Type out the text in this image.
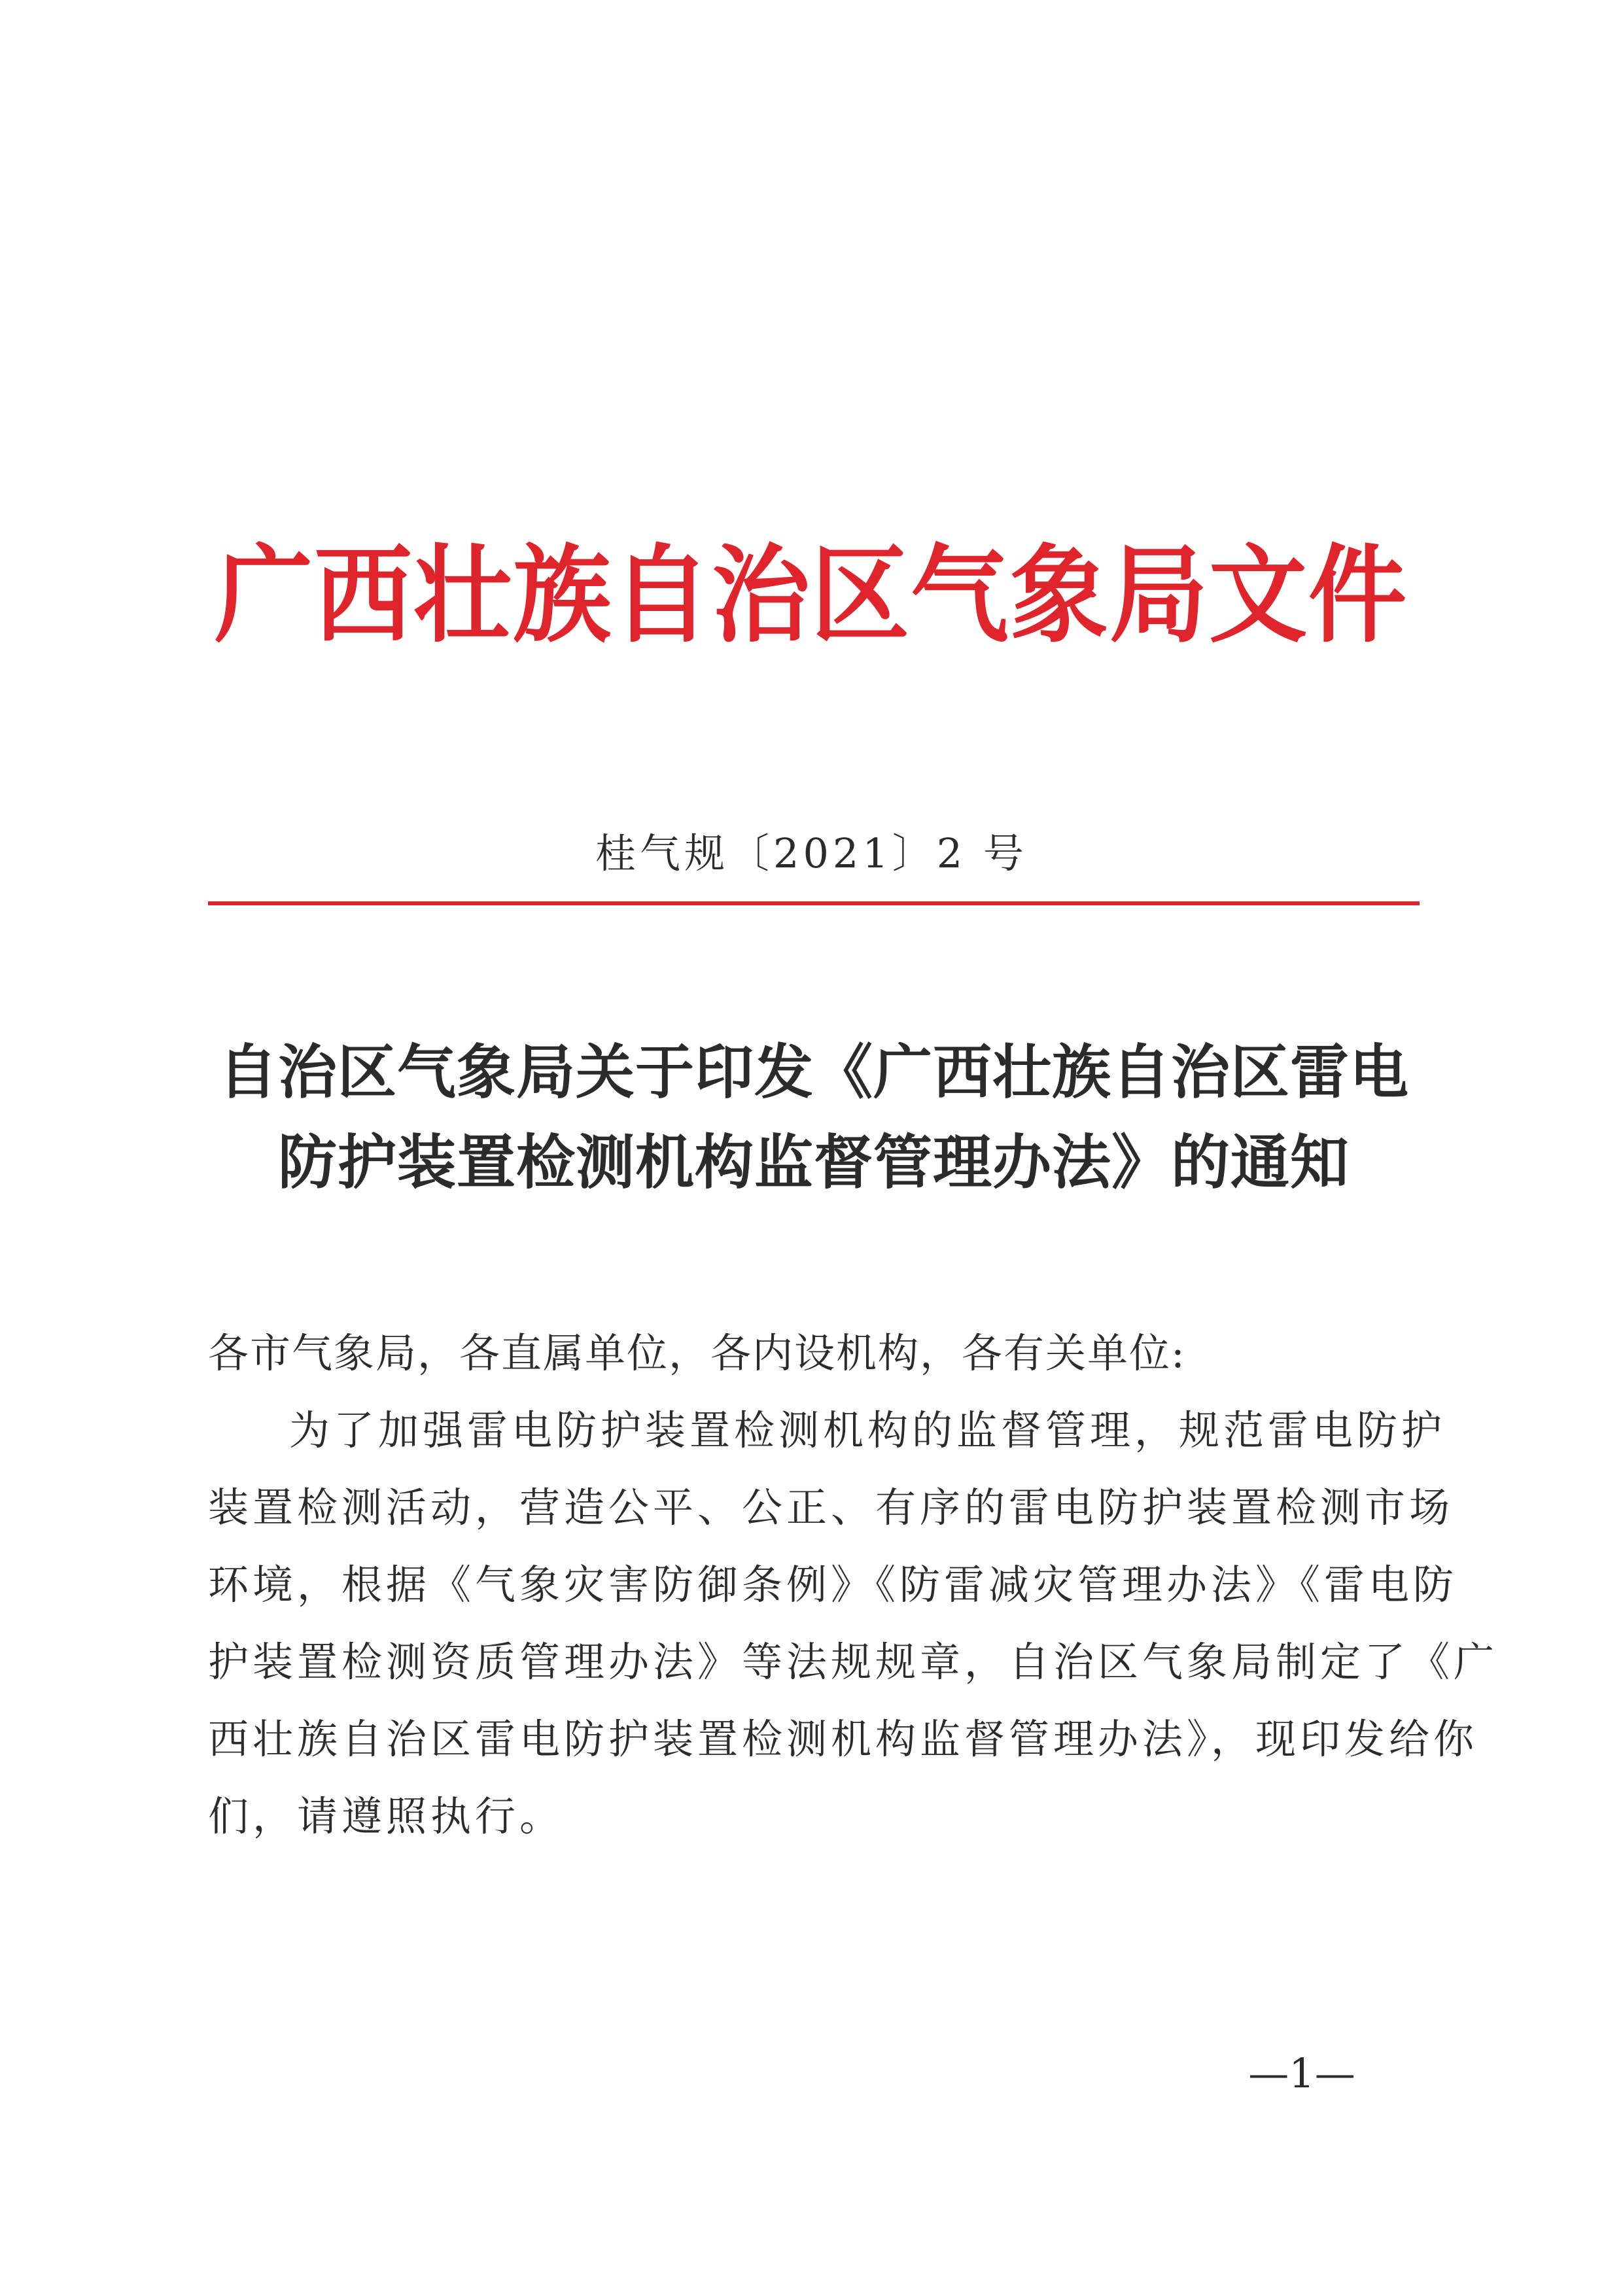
广西壮族自治区气象局文件
桂气规〔2021〕2 号
自治区气象局关于印发《广西壮族自治区雷电
防护装置检测机构监督管理办法》的通知
各市气象局，各直属单位，各内设机构，各有关单位:
为了加强雷电防护装置检测机构的监督管理，规范雷电防护
装置检测活动，营造公平、公正、有序的雷电防护装置检测市场
环境，根据《气象灾害防御条例》《防雷减灾管理办法》《雷电防
护装置检测资质管理办法》等法规规章，自治区气象局制定了《广
西壮族自治区雷电防护装置检测机构监督管理办法》，现印发给你
们，请遵照执行。
—1—
